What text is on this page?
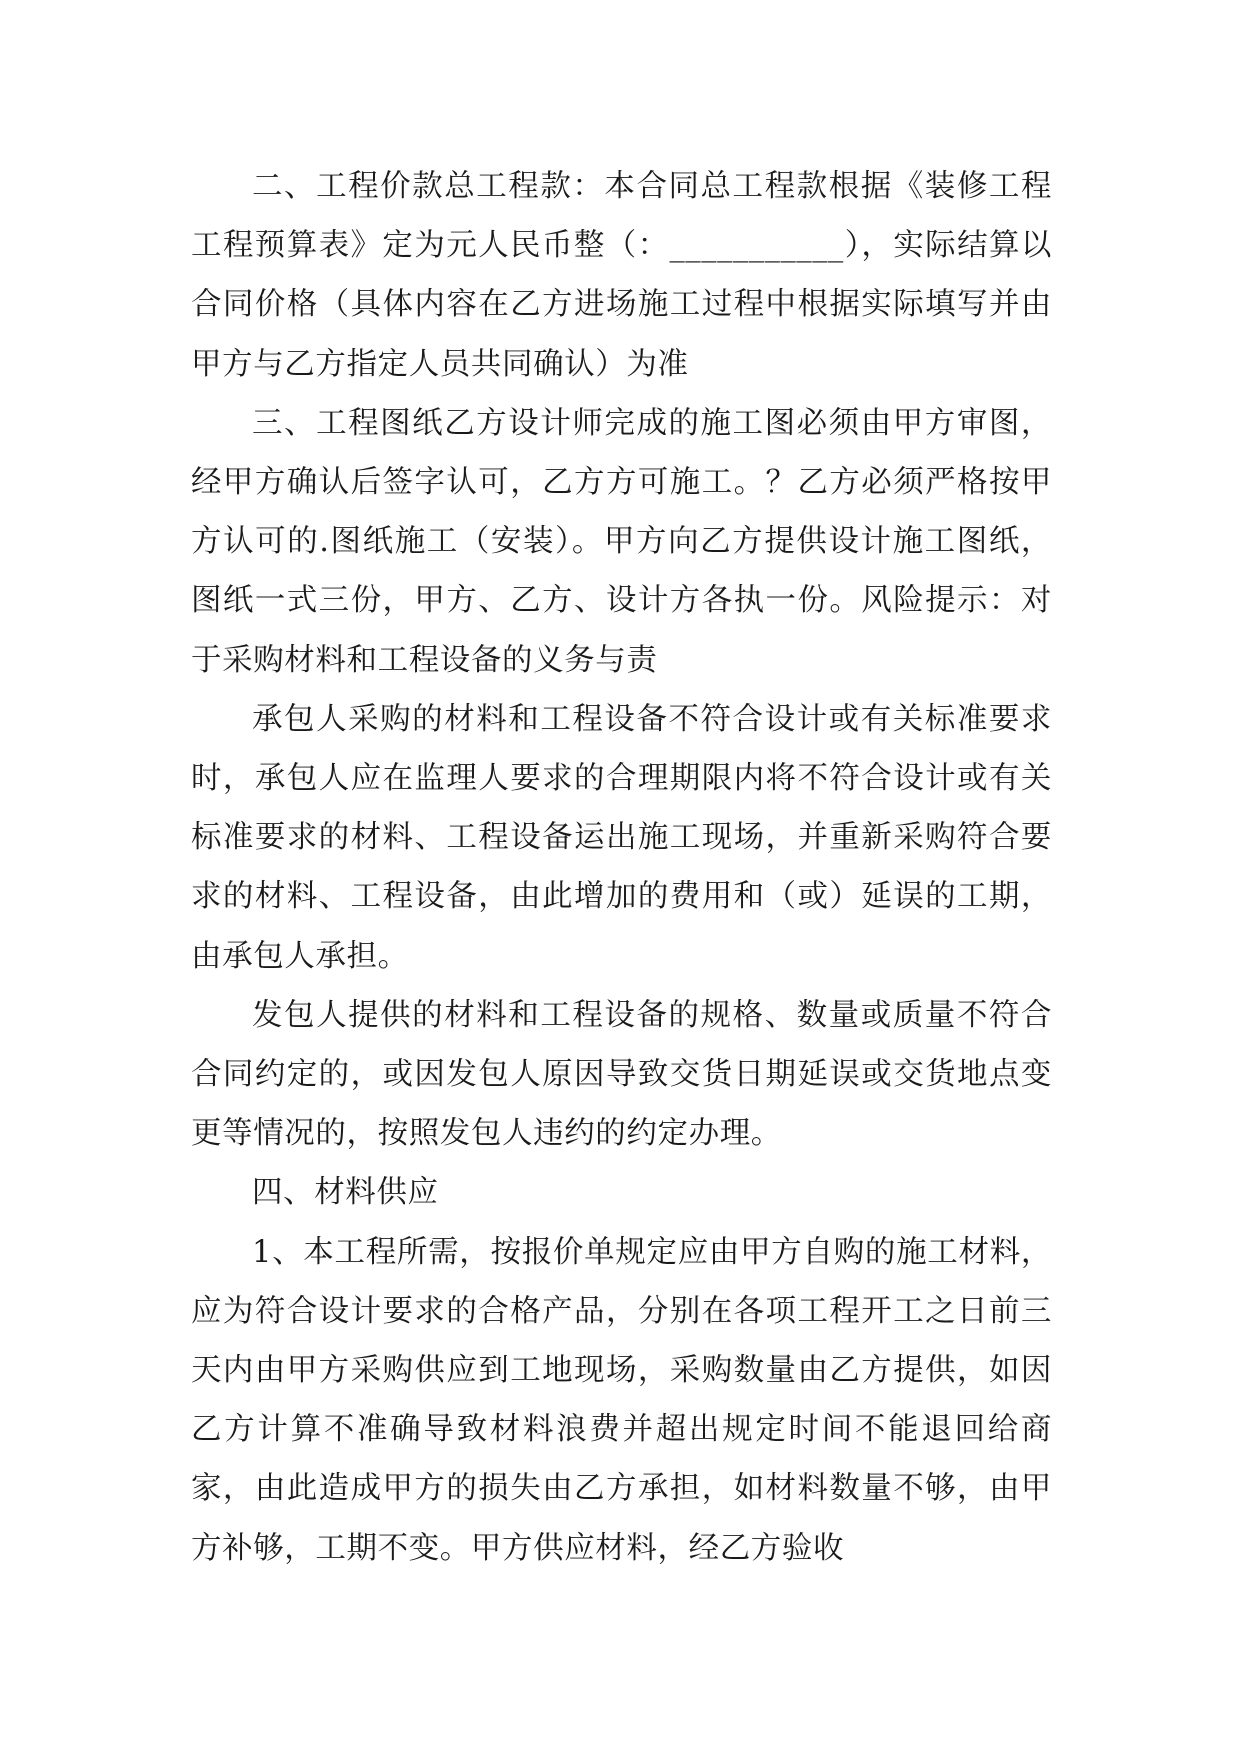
二、工程价款总工程款：本合同总工程款根据《装修工程工程预算表》定为元人民币整（：___________），实际结算以合同价格（具体内容在乙方进场施工过程中根据实际填写并由甲方与乙方指定人员共同确认）为准

三、工程图纸乙方设计师完成的施工图必须由甲方审图，经甲方确认后签字认可，乙方方可施工。？乙方必须严格按甲方认可的.图纸施工（安装）。甲方向乙方提供设计施工图纸，图纸一式三份，甲方、乙方、设计方各执一份。风险提示：对于采购材料和工程设备的义务与责

承包人采购的材料和工程设备不符合设计或有关标准要求时，承包人应在监理人要求的合理期限内将不符合设计或有关标准要求的材料、工程设备运出施工现场，并重新采购符合要求的材料、工程设备，由此增加的费用和（或）延误的工期，由承包人承担。

发包人提供的材料和工程设备的规格、数量或质量不符合合同约定的，或因发包人原因导致交货日期延误或交货地点变更等情况的，按照发包人违约的约定办理。

四、材料供应

1、本工程所需，按报价单规定应由甲方自购的施工材料，应为符合设计要求的合格产品，分别在各项工程开工之日前三天内由甲方采购供应到工地现场，采购数量由乙方提供，如因乙方计算不准确导致材料浪费并超出规定时间不能退回给商家，由此造成甲方的损失由乙方承担，如材料数量不够，由甲方补够，工期不变。甲方供应材料，经乙方验收
